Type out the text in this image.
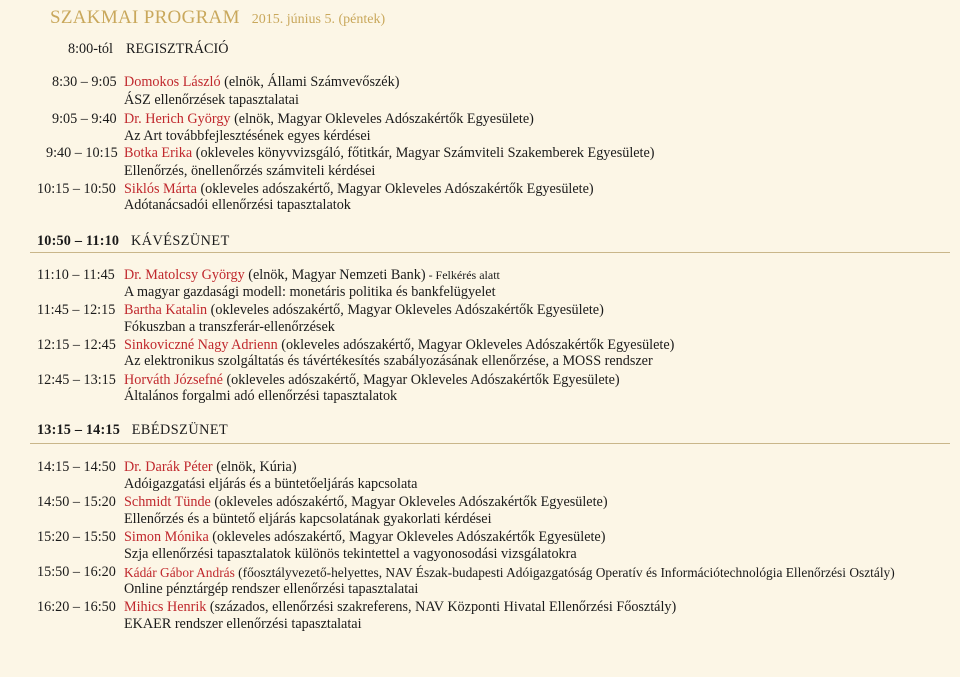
SZAKMAI PROGRAM 2015. június 5. (péntek)
8:00-tól REGISZTRÁCIÓ
8:30 – 9:05 Domokos László (elnök, Állami Számvevőszék)
ÁSZ ellenőrzések tapasztalatai
9:05 – 9:40 Dr. Herich György (elnök, Magyar Okleveles Adószakértők Egyesülete)
Az Art továbbfejlesztésének egyes kérdései
9:40 – 10:15 Botka Erika (okleveles könyvvizsgáló, főtitkár, Magyar Számviteli Szakemberek Egyesülete)
Ellenőrzés, önellenőrzés számviteli kérdései
10:15 – 10:50 Siklós Márta (okleveles adószakértő, Magyar Okleveles Adószakértők Egyesülete)
Adótanácsadói ellenőrzési tapasztalatok
10:50 – 11:10 KÁVÉSZÜNET
11:10 – 11:45 Dr. Matolcsy György (elnök, Magyar Nemzeti Bank) - Felkérés alatt
A magyar gazdasági modell: monetáris politika és bankfelügyelet
11:45 – 12:15 Bartha Katalin (okleveles adószakértő, Magyar Okleveles Adószakértők Egyesülete)
Fókuszban a transzferár-ellenőrzések
12:15 – 12:45 Sinkoviczné Nagy Adrienn (okleveles adószakértő, Magyar Okleveles Adószakértők Egyesülete)
Az elektronikus szolgáltatás és távértékesítés szabályozásának ellenőrzése, a MOSS rendszer
12:45 – 13:15 Horváth Józsefné (okleveles adószakértő, Magyar Okleveles Adószakértők Egyesülete)
Általános forgalmi adó ellenőrzési tapasztalatok
13:15 – 14:15 EBÉDSZÜNET
14:15 – 14:50 Dr. Darák Péter (elnök, Kúria)
Adóigazgatási eljárás és a büntetőeljárás kapcsolata
14:50 – 15:20 Schmidt Tünde (okleveles adószakértő, Magyar Okleveles Adószakértők Egyesülete)
Ellenőrzés és a büntető eljárás kapcsolatának gyakorlati kérdései
15:20 – 15:50 Simon Mónika (okleveles adószakértő, Magyar Okleveles Adószakértők Egyesülete)
Szja ellenőrzési tapasztalatok különös tekintettel a vagyonosodási vizsgálatokra
15:50 – 16:20 Kádár Gábor András (főosztályvezető-helyettes, NAV Észak-budapesti Adóigazgatóság Operatív és Információtechnológia Ellenőrzési Osztály)
Online pénztárgép rendszer ellenőrzési tapasztalatai
16:20 – 16:50 Mihics Henrik (százados, ellenőrzési szakreferens, NAV Központi Hivatal Ellenőrzési Főosztály)
EKAER rendszer ellenőrzési tapasztalatai
